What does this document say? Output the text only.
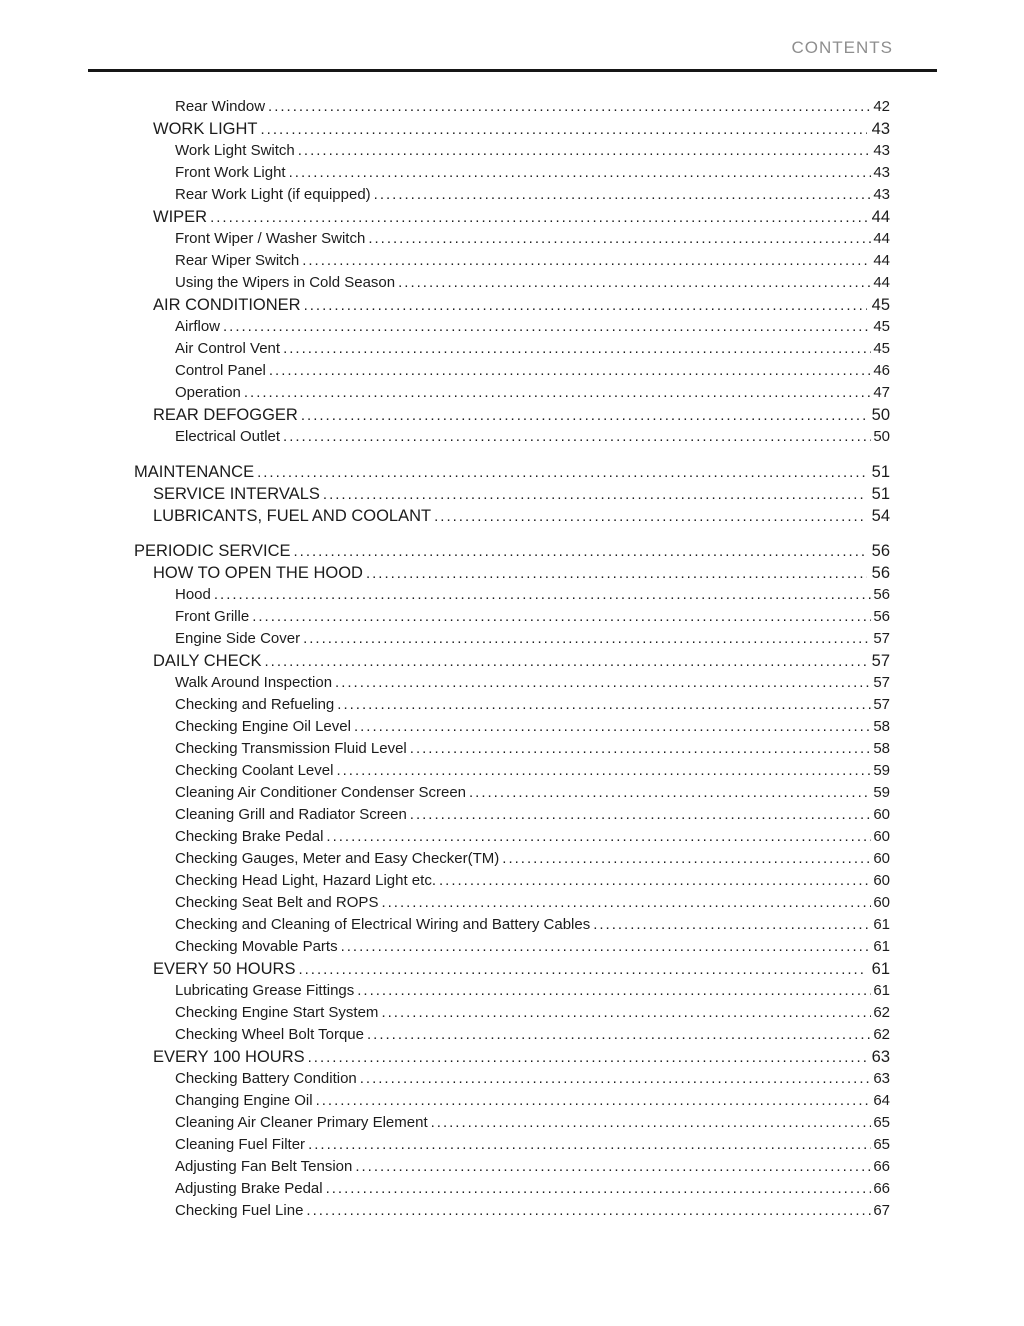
CONTENTS
Rear Window .....	42
WORK LIGHT .....	43
Work Light Switch .....	43
Front Work Light .....	43
Rear Work Light (if equipped) .....	43
WIPER .....	44
Front Wiper / Washer Switch .....	44
Rear Wiper Switch .....	44
Using the Wipers in Cold Season .....	44
AIR CONDITIONER .....	45
Airflow .....	45
Air Control Vent .....	45
Control Panel .....	46
Operation .....	47
REAR DEFOGGER .....	50
Electrical Outlet .....	50
MAINTENANCE .....	51
SERVICE INTERVALS .....	51
LUBRICANTS, FUEL AND COOLANT .....	54
PERIODIC SERVICE .....	56
HOW TO OPEN THE HOOD .....	56
Hood .....	56
Front Grille .....	56
Engine Side Cover .....	57
DAILY CHECK .....	57
Walk Around Inspection .....	57
Checking and Refueling .....	57
Checking Engine Oil Level .....	58
Checking Transmission Fluid Level .....	58
Checking Coolant Level .....	59
Cleaning Air Conditioner Condenser Screen .....	59
Cleaning Grill and Radiator Screen .....	60
Checking Brake Pedal .....	60
Checking Gauges, Meter and Easy Checker(TM) .....	60
Checking Head Light, Hazard Light etc. .....	60
Checking Seat Belt and ROPS .....	60
Checking and Cleaning of Electrical Wiring and Battery Cables .....	61
Checking Movable Parts .....	61
EVERY 50 HOURS .....	61
Lubricating Grease Fittings .....	61
Checking Engine Start System .....	62
Checking Wheel Bolt Torque .....	62
EVERY 100 HOURS .....	63
Checking Battery Condition .....	63
Changing Engine Oil .....	64
Cleaning Air Cleaner Primary Element .....	65
Cleaning Fuel Filter .....	65
Adjusting Fan Belt Tension .....	66
Adjusting Brake Pedal .....	66
Checking Fuel Line .....	67
